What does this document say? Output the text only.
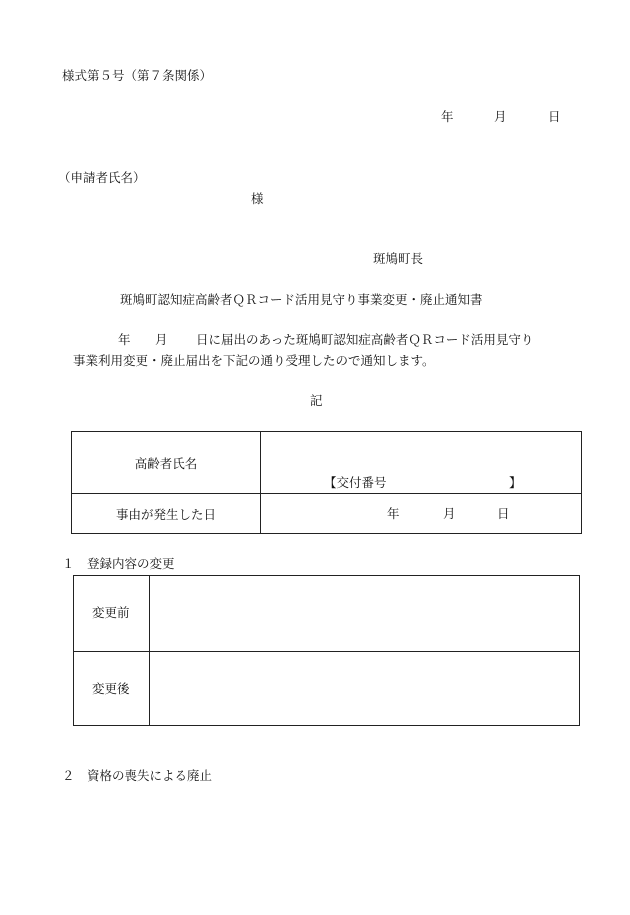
様式第５号（第７条関係）
年	月	日
（申請者氏名）
様
斑鳩町長
斑鳩町認知症高齢者ＱＲコード活用見守り事業変更・廃止通知書
年 月 日に届出のあった斑鳩町認知症高齢者ＱＲコード活用見守り
事業利用変更・廃止届出を下記の通り受理したので通知します。
記
高齢者氏名	【交付番号 】

事由が発生した日	年 月 日
１　登録内容の変更
変更前
変更後
２　資格の喪失による廃止
